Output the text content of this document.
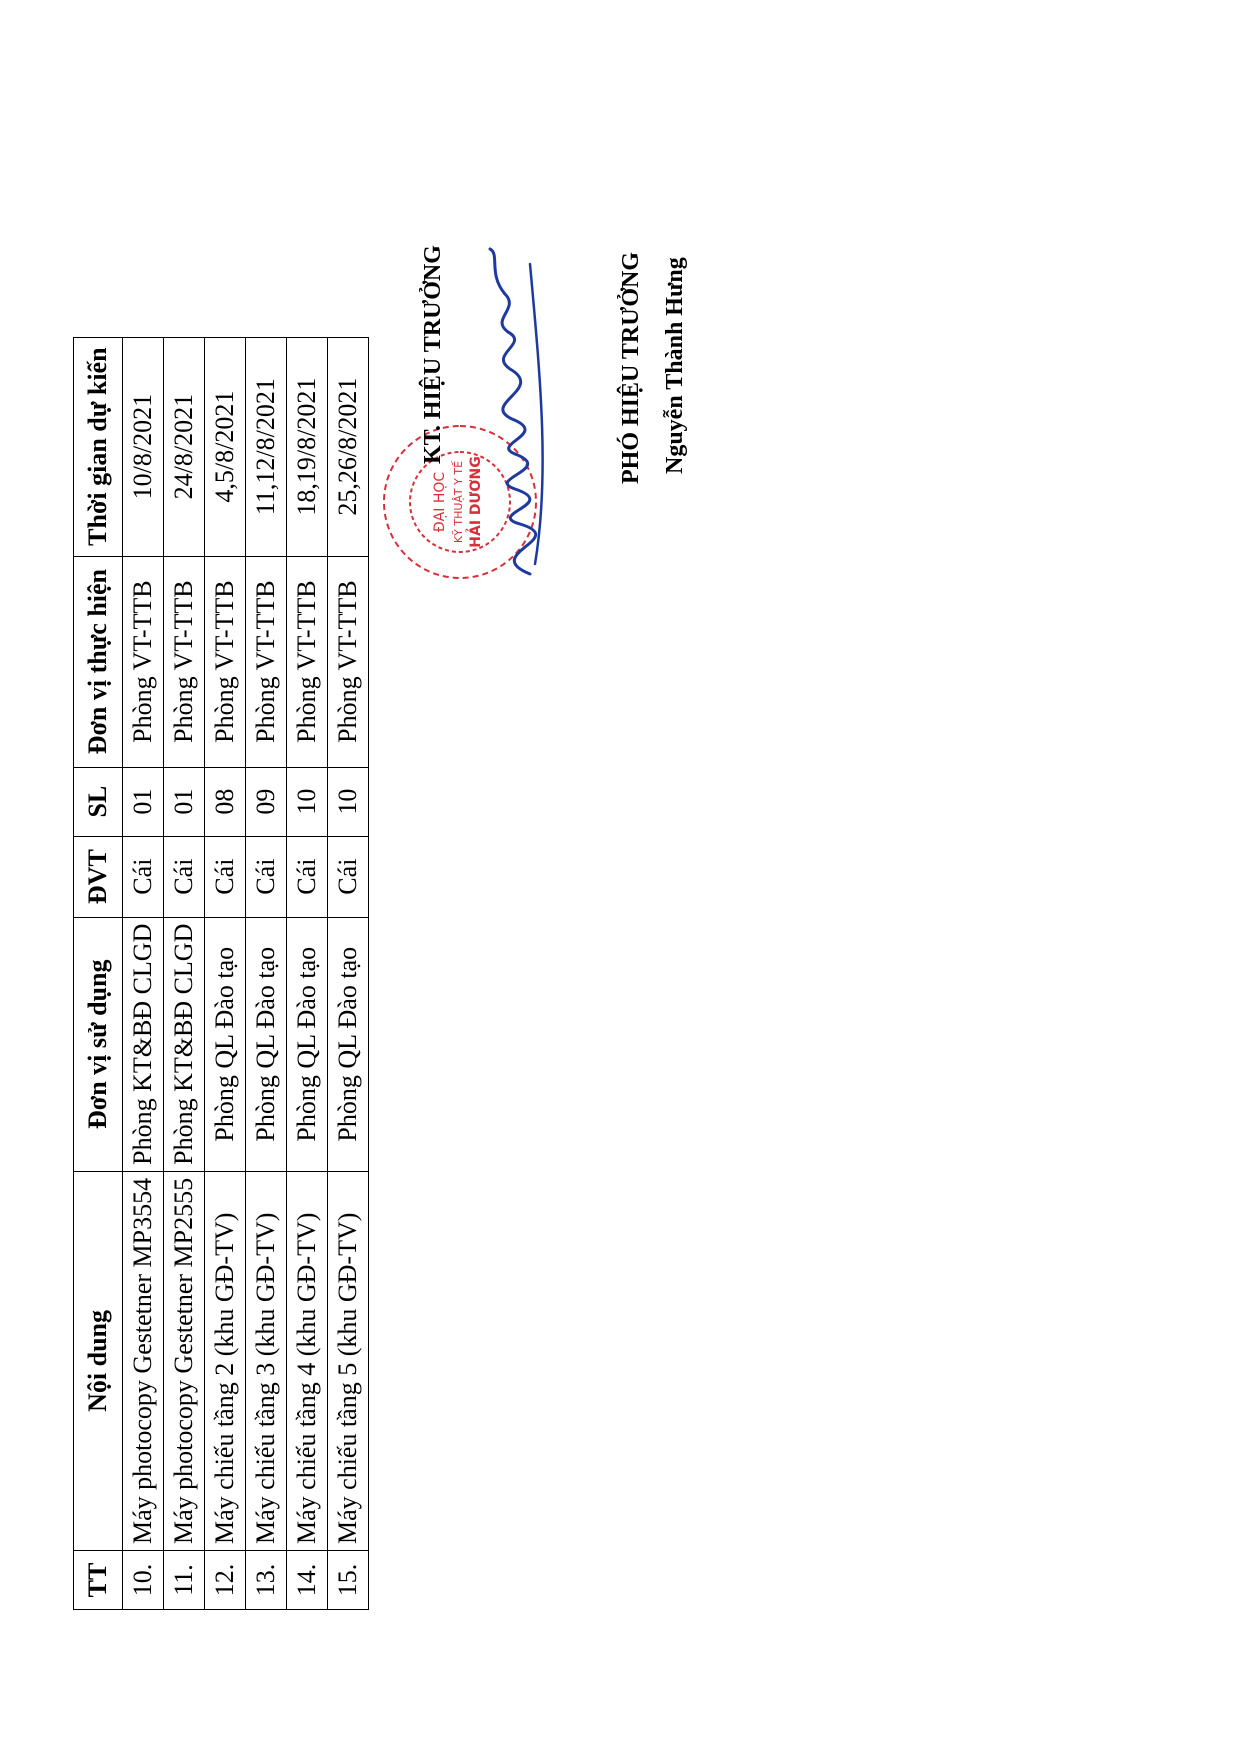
TT	Nội dung	Đơn vị sử dụng	ĐVT	SL	Đơn vị thực hiện	Thời gian dự kiến
10.	Máy photocopy Gestetner MP3554	Phòng KT&BĐ CLGD	Cái	01	Phòng VT-TTB	10/8/2021
11.	Máy photocopy Gestetner MP2555	Phòng KT&BĐ CLGD	Cái	01	Phòng VT-TTB	24/8/2021
12.	Máy chiếu tầng 2 (khu GĐ-TV)	Phòng QL Đào tạo	Cái	08	Phòng VT-TTB	4,5/8/2021
13.	Máy chiếu tầng 3 (khu GĐ-TV)	Phòng QL Đào tạo	Cái	09	Phòng VT-TTB	11,12/8/2021
14.	Máy chiếu tầng 4 (khu GĐ-TV)	Phòng QL Đào tạo	Cái	10	Phòng VT-TTB	18,19/8/2021
15.	Máy chiếu tầng 5 (khu GĐ-TV)	Phòng QL Đào tạo	Cái	10	Phòng VT-TTB	25,26/8/2021	ĐẠI HỌC KỸ THUẬT Y TẾ HẢI DƯƠNG
KT. HIỆU TRƯỞNG	PHÓ HIỆU TRƯỞNG Nguyễn Thành Hưng
